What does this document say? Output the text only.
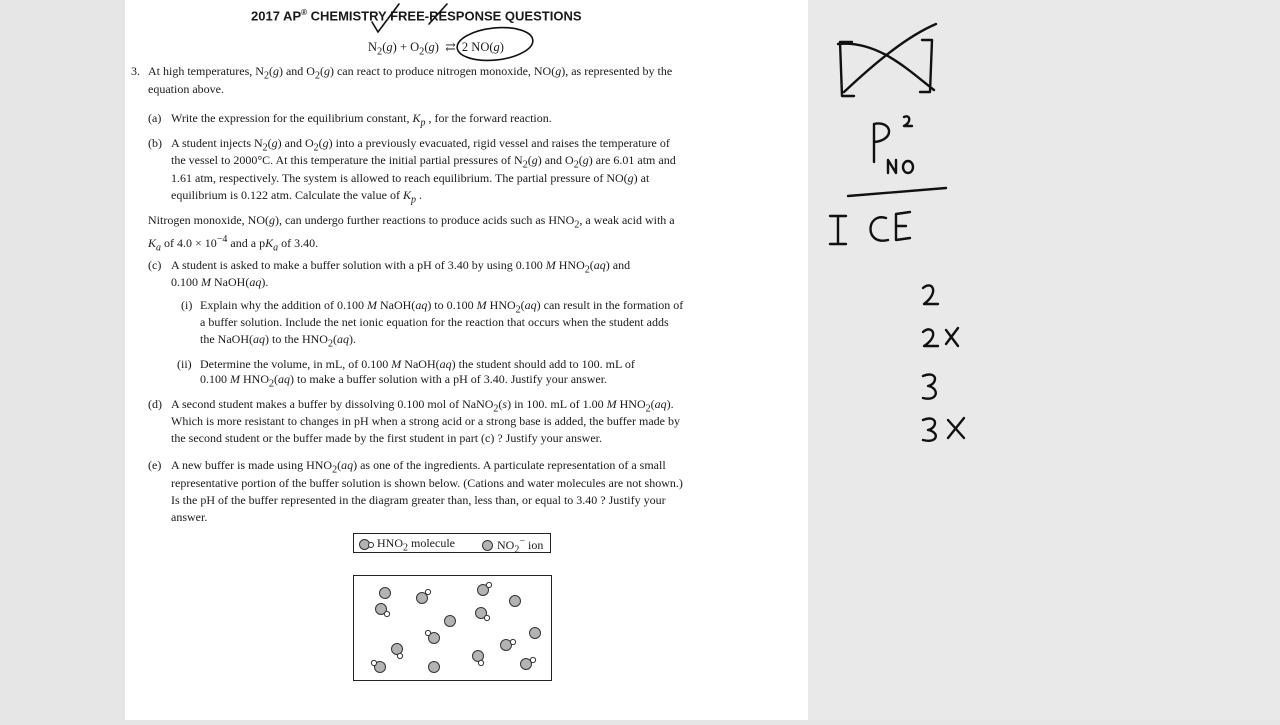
2017 AP® CHEMISTRY FREE-RESPONSE QUESTIONS
$N_2(g) + O_2(g)$  ⇄  2 NO(g)
3. At high temperatures, $N_2(g)$ and $O_2(g)$ can react to produce nitrogen monoxide, NO(g), as represented by the
equation above.
(a) Write the expression for the equilibrium constant, $K_p$ , for the forward reaction.
(b) A student injects $N_2(g)$ and $O_2(g)$ into a previously evacuated, rigid vessel and raises the temperature of
the vessel to 2000°C. At this temperature the initial partial pressures of $N_2(g)$ and $O_2(g)$ are 6.01 atm and
1.61 atm, respectively. The system is allowed to reach equilibrium. The partial pressure of NO(g) at
equilibrium is 0.122 atm. Calculate the value of $K_p$ .
Nitrogen monoxide, NO(g), can undergo further reactions to produce acids such as $HNO_2$, a weak acid with a
$K_a$ of $4.0 \times 10^{-4}$ and a $pK_a$ of 3.40.
(c) A student is asked to make a buffer solution with a pH of 3.40 by using 0.100 M $HNO_2(aq)$ and
0.100 M NaOH(aq).
(i) Explain why the addition of 0.100 M NaOH(aq) to 0.100 M $HNO_2(aq)$ can result in the formation of
a buffer solution. Include the net ionic equation for the reaction that occurs when the student adds
the NaOH(aq) to the $HNO_2(aq)$.
(ii) Determine the volume, in mL, of 0.100 M NaOH(aq) the student should add to 100. mL of
0.100 M $HNO_2(aq)$ to make a buffer solution with a pH of 3.40. Justify your answer.
(d) A second student makes a buffer by dissolving 0.100 mol of NaNO$_2$(s) in 100. mL of 1.00 M $HNO_2(aq)$.
Which is more resistant to changes in pH when a strong acid or a strong base is added, the buffer made by
the second student or the buffer made by the first student in part (c) ? Justify your answer.
(e) A new buffer is made using $HNO_2(aq)$ as one of the ingredients. A particulate representation of a small
representative portion of the buffer solution is shown below. (Cations and water molecules are not shown.)
Is the pH of the buffer represented in the diagram greater than, less than, or equal to 3.40 ? Justify your
answer.
$HNO_2$ molecule	$NO_2^-$ ion
